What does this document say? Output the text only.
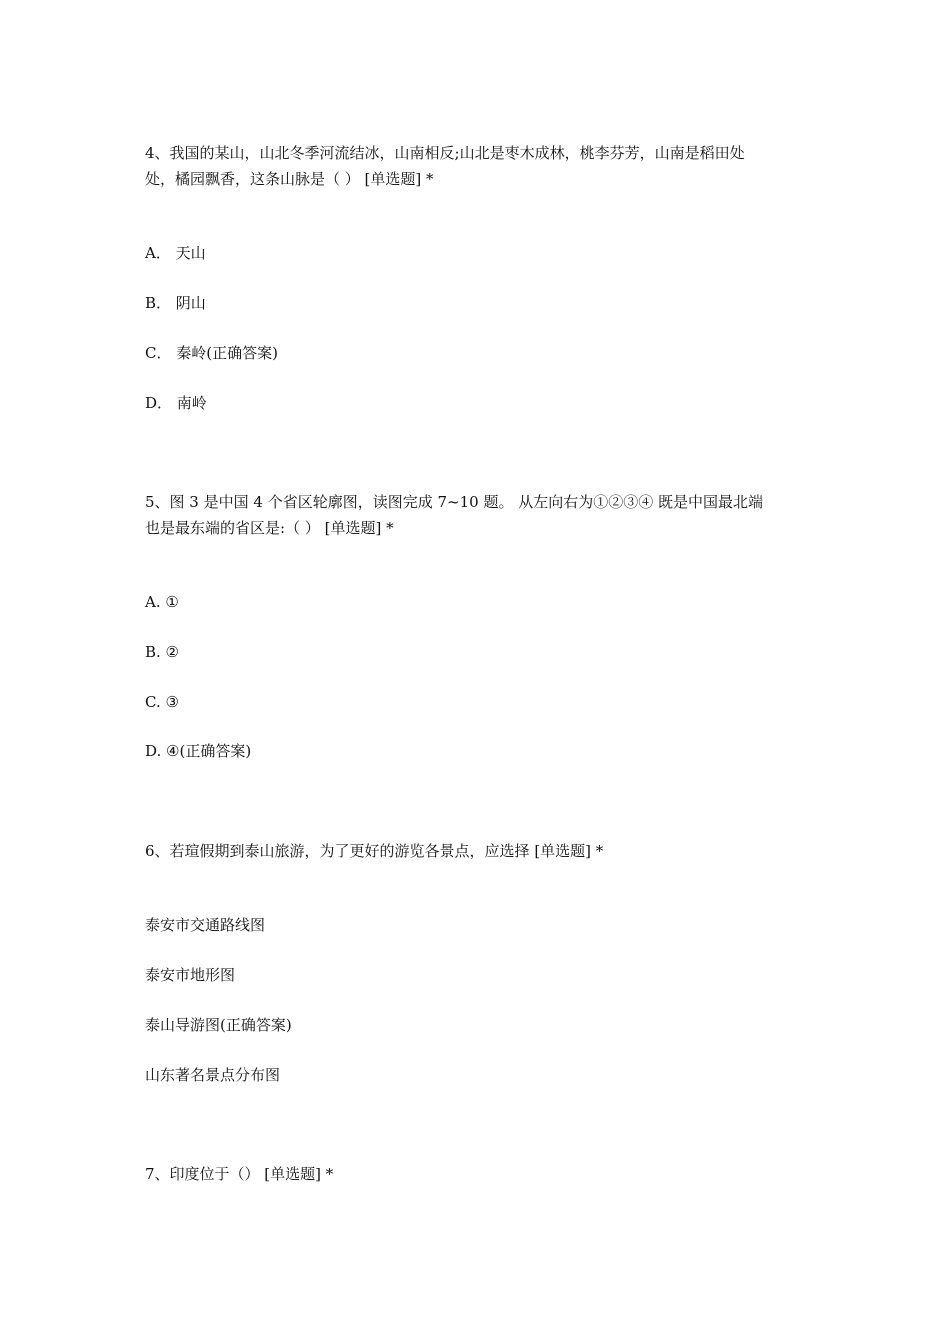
4、我国的某山，山北冬季河流结冰，山南相反;山北是枣木成林，桃李芬芳，山南是稻田处
处，橘园飘香，这条山脉是（ ） [单选题] *
A． 天山
B． 阴山
C． 秦岭(正确答案)
D． 南岭
5、图 3 是中国 4 个省区轮廓图，读图完成 7~10 题。 从左向右为①②③④ 既是中国最北端
也是最东端的省区是:（ ） [单选题] *
A. ①
B. ②
C. ③
D. ④(正确答案)
6、若瑄假期到泰山旅游，为了更好的游览各景点，应选择 [单选题] *
泰安市交通路线图
泰安市地形图
泰山导游图(正确答案)
山东著名景点分布图
7、印度位于（） [单选题] *
